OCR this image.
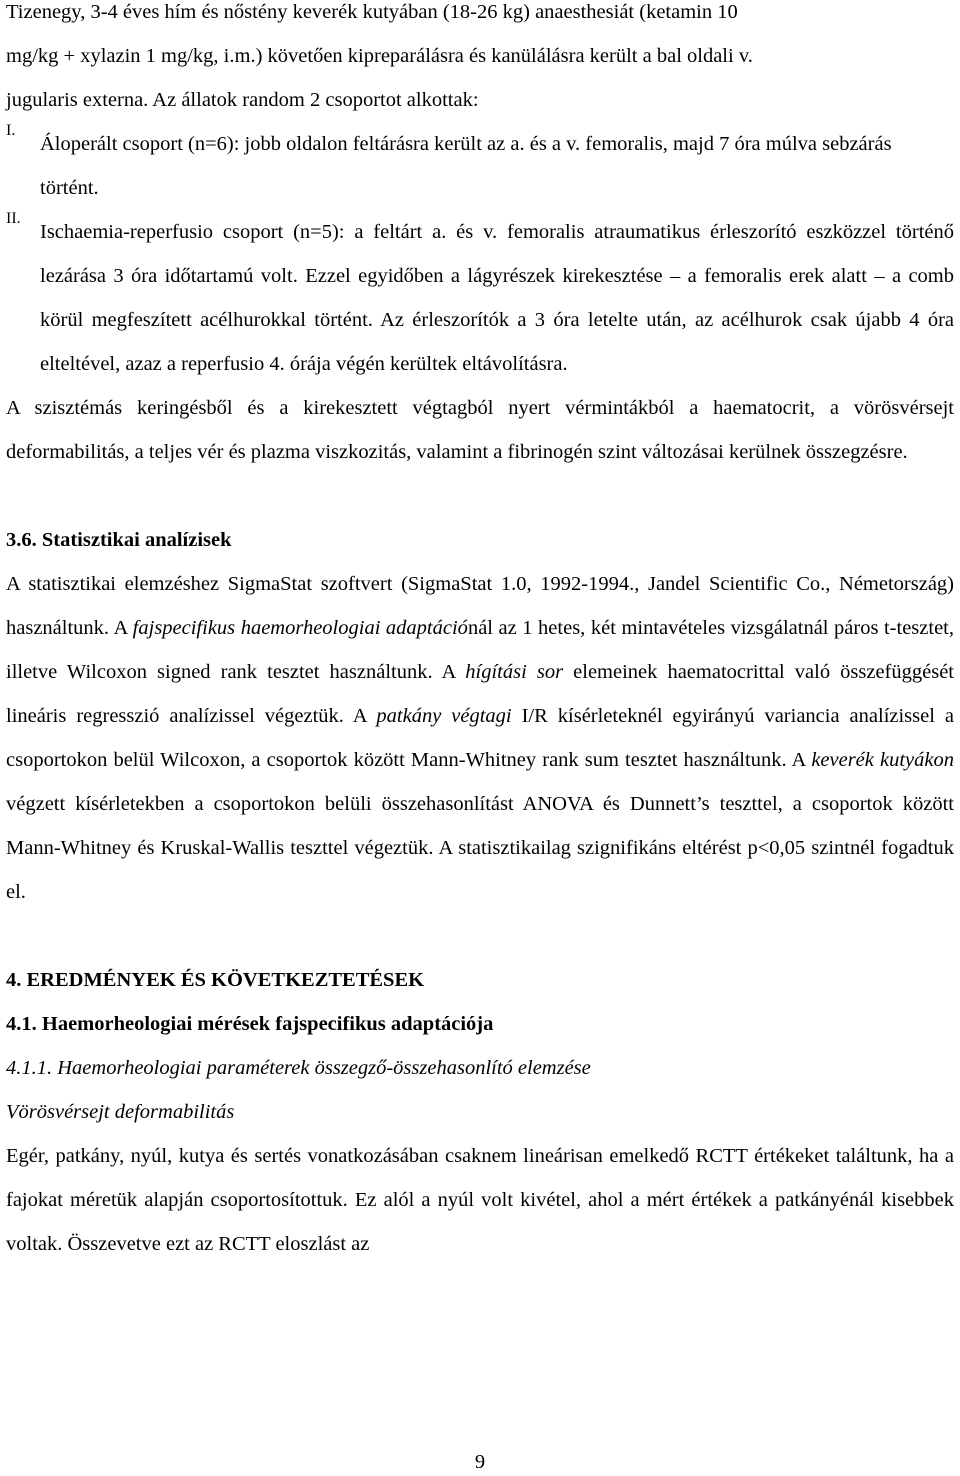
Tizenegy, 3-4 éves hím és nőstény keverék kutyában (18-26 kg) anaesthesiát (ketamin 10

mg/kg + xylazin 1 mg/kg, i.m.) követően kipreparálásra és kanülálásra került a bal oldali v.

jugularis externa. Az állatok random 2 csoportot alkottak:

I.

Áloperált csoport (n=6): jobb oldalon feltárásra került az a. és a v. femoralis, majd 7 óra múlva sebzárás történt.

II.

Ischaemia-reperfusio csoport (n=5): a feltárt a. és v. femoralis atraumatikus érleszorító eszközzel történő lezárása 3 óra időtartamú volt. Ezzel egyidőben a lágyrészek kirekesztése – a femoralis erek alatt – a comb körül megfeszített acélhurokkal történt. Az érleszorítók a 3 óra letelte után, az acélhurok csak újabb 4 óra elteltével, azaz a reperfusio 4. órája végén kerültek eltávolításra.

A szisztémás keringésből és a kirekesztett végtagból nyert vérmintákból a haematocrit, a vörösvérsejt deformabilitás, a teljes vér és plazma viszkozitás, valamint a fibrinogén szint változásai kerülnek összegzésre.

3.6. Statisztikai analízisek

A statisztikai elemzéshez SigmaStat szoftvert (SigmaStat 1.0, 1992-1994., Jandel Scientific Co., Németország) használtunk. A fajspecifikus haemorheologiai adaptációnál az 1 hetes, két mintavételes vizsgálatnál páros t-tesztet, illetve Wilcoxon signed rank tesztet használtunk. A hígítási sor elemeinek haematocrittal való összefüggését lineáris regresszió analízissel végeztük. A patkány végtagi I/R kísérleteknél egyirányú variancia analízissel a csoportokon belül Wilcoxon, a csoportok között Mann-Whitney rank sum tesztet használtunk. A keverék kutyákon végzett kísérletekben a csoportokon belüli összehasonlítást ANOVA és Dunnett’s teszttel, a csoportok között Mann-Whitney és Kruskal-Wallis teszttel végeztük. A statisztikailag szignifikáns eltérést p<0,05 szintnél fogadtuk el.

4. EREDMÉNYEK ÉS KÖVETKEZTETÉSEK

4.1. Haemorheologiai mérések fajspecifikus adaptációja

4.1.1. Haemorheologiai paraméterek összegző-összehasonlító elemzése

Vörösvérsejt deformabilitás

Egér, patkány, nyúl, kutya és sertés vonatkozásában csaknem lineárisan emelkedő RCTT értékeket találtunk, ha a fajokat méretük alapján csoportosítottuk. Ez alól a nyúl volt kivétel, ahol a mért értékek a patkányénál kisebbek voltak. Összevetve ezt az RCTT eloszlást az

9
